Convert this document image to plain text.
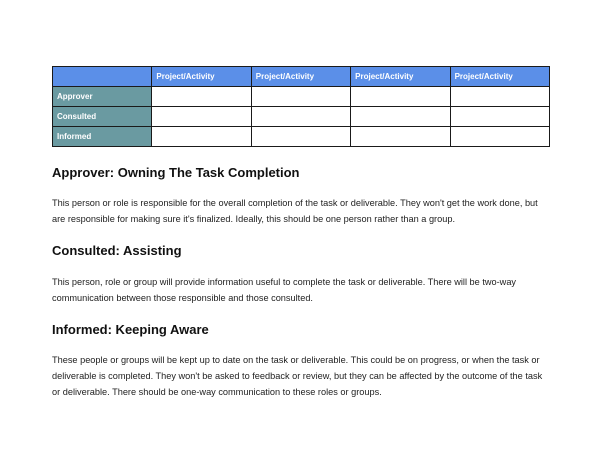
	Project/Activity	Project/Activity	Project/Activity	Project/Activity
Approver				
Consulted				
Informed				
Approver: Owning The Task Completion

This person or role is responsible for the overall completion of the task or deliverable. They won't get the work done, but are responsible for making sure it's finalized. Ideally, this should be one person rather than a group.

Consulted: Assisting

This person, role or group will provide information useful to complete the task or deliverable. There will be two-way communication between those responsible and those consulted.

Informed: Keeping Aware

These people or groups will be kept up to date on the task or deliverable. This could be on progress, or when the task or deliverable is completed. They won't be asked to feedback or review, but they can be affected by the outcome of the task or deliverable. There should be one-way communication to these roles or groups.
